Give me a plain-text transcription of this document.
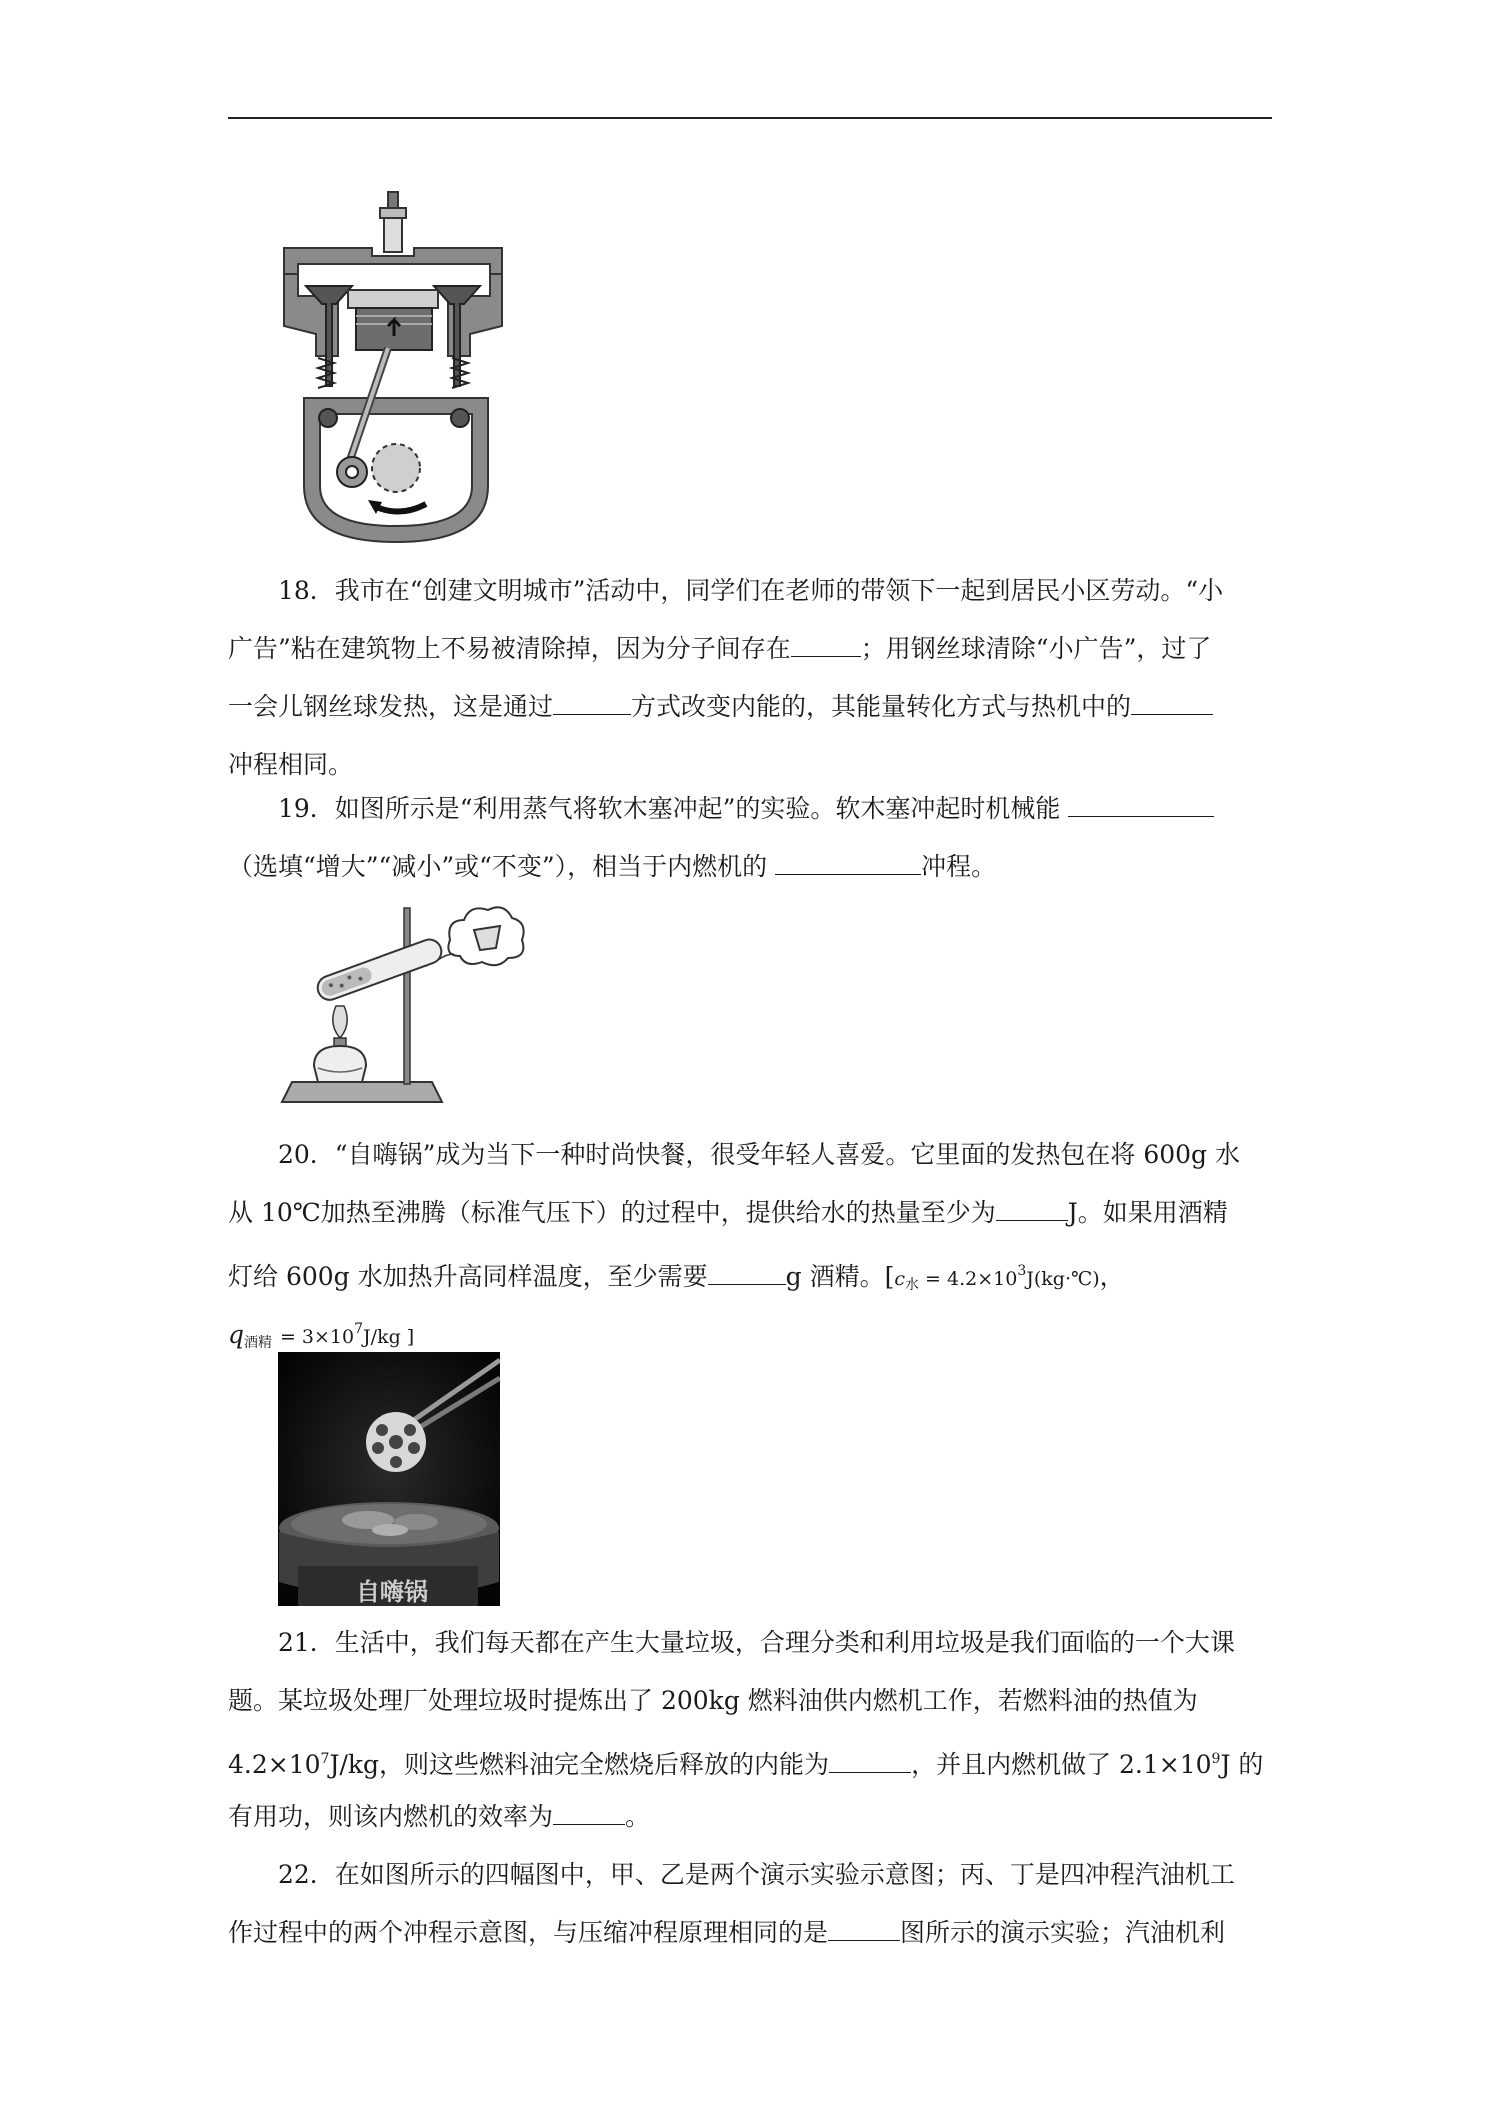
18．我市在“创建文明城市”活动中，同学们在老师的带领下一起到居民小区劳动。“小
广告”粘在建筑物上不易被清除掉，因为分子间存在	；用钢丝球清除“小广告”，过了
一会儿钢丝球发热，这是通过	方式改变内能的，其能量转化方式与热机中的
冲程相同。
19．如图所示是“利用蒸气将软木塞冲起”的实验。软木塞冲起时机械能
（选填“增大”“减小”或“不变”），相当于内燃机的	冲程。
20．“自嗨锅”成为当下一种时尚快餐，很受年轻人喜爱。它里面的发热包在将 600g 水
从 10℃加热至沸腾（标准气压下）的过程中，提供给水的热量至少为	J。如果用酒精
灯给 600g 水加热升高同样温度，至少需要	g 酒精。[$c_水$ = $4.2\times 10^3J(kg\cdot℃)$，
$q_{酒精} = 3\times 10^7J/kg$ ]
自嗨锅
21．生活中，我们每天都在产生大量垃圾，合理分类和利用垃圾是我们面临的一个大课
题。某垃圾处理厂处理垃圾时提炼出了 200kg 燃料油供内燃机工作，若燃料油的热值为
$4.2\times 10^7J/kg$，则这些燃料油完全燃烧后释放的内能为	，并且内燃机做了 $2.1\times 10^9J$ 的
有用功，则该内燃机的效率为	。
22．在如图所示的四幅图中，甲、乙是两个演示实验示意图；丙、丁是四冲程汽油机工
作过程中的两个冲程示意图，与压缩冲程原理相同的是	图所示的演示实验；汽油机利
